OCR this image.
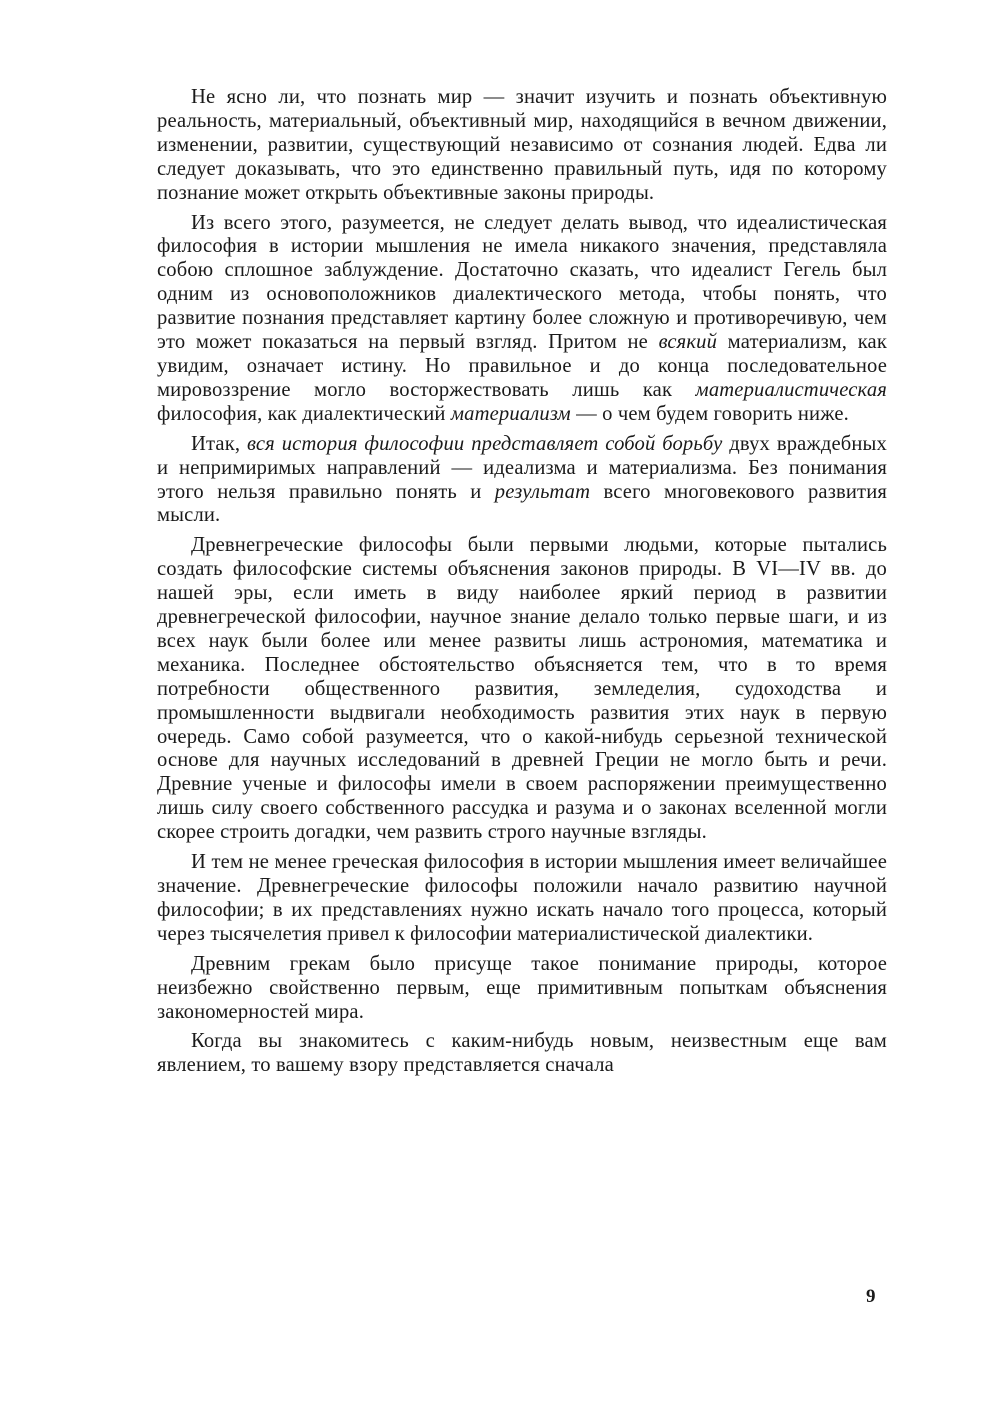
Не ясно ли, что познать мир — значит изучить и познать объективную реальность, материальный, объективный мир, находящийся в вечном движении, изменении, развитии, существующий независимо от сознания людей. Едва ли следует доказывать, что это единственно правильный путь, идя по которому познание может открыть объективные законы природы.

Из всего этого, разумеется, не следует делать вывод, что идеалистическая философия в истории мышления не имела никакого значения, представляла собою сплошное заблуждение. Достаточно сказать, что идеалист Гегель был одним из основоположников диалектического метода, чтобы понять, что развитие познания представляет картину более сложную и противоречивую, чем это может показаться на первый взгляд. Притом не всякий материализм, как увидим, означает истину. Но правильное и до конца последовательное мировоззрение могло восторжествовать лишь как материалистическая философия, как диалектический материализм — о чем будем говорить ниже.

Итак, вся история философии представляет собой борьбу двух враждебных и непримиримых направлений — идеализма и материализма. Без понимания этого нельзя правильно понять и результат всего многовекового развития мысли.

Древнегреческие философы были первыми людьми, которые пытались создать философские системы объяснения законов природы. В VI—IV вв. до нашей эры, если иметь в виду наиболее яркий период в развитии древнегреческой философии, научное знание делало только первые шаги, и из всех наук были более или менее развиты лишь астрономия, математика и механика. Последнее обстоятельство объясняется тем, что в то время потребности общественного развития, земледелия, судоходства и промышленности выдвигали необходимость развития этих наук в первую очередь. Само собой разумеется, что о какой-нибудь серьезной технической основе для научных исследований в древней Греции не могло быть и речи. Древние ученые и философы имели в своем распоряжении преимущественно лишь силу своего собственного рассудка и разума и о законах вселенной могли скорее строить догадки, чем развить строго научные взгляды.

И тем не менее греческая философия в истории мышления имеет величайшее значение. Древнегреческие философы положили начало развитию научной философии; в их представлениях нужно искать начало того процесса, который через тысячелетия привел к философии материалистической диалектики.

Древним грекам было присуще такое понимание природы, которое неизбежно свойственно первым, еще примитивным попыткам объяснения закономерностей мира.

Когда вы знакомитесь с каким-нибудь новым, неизвестным еще вам явлением, то вашему взору представляется сначала

9
